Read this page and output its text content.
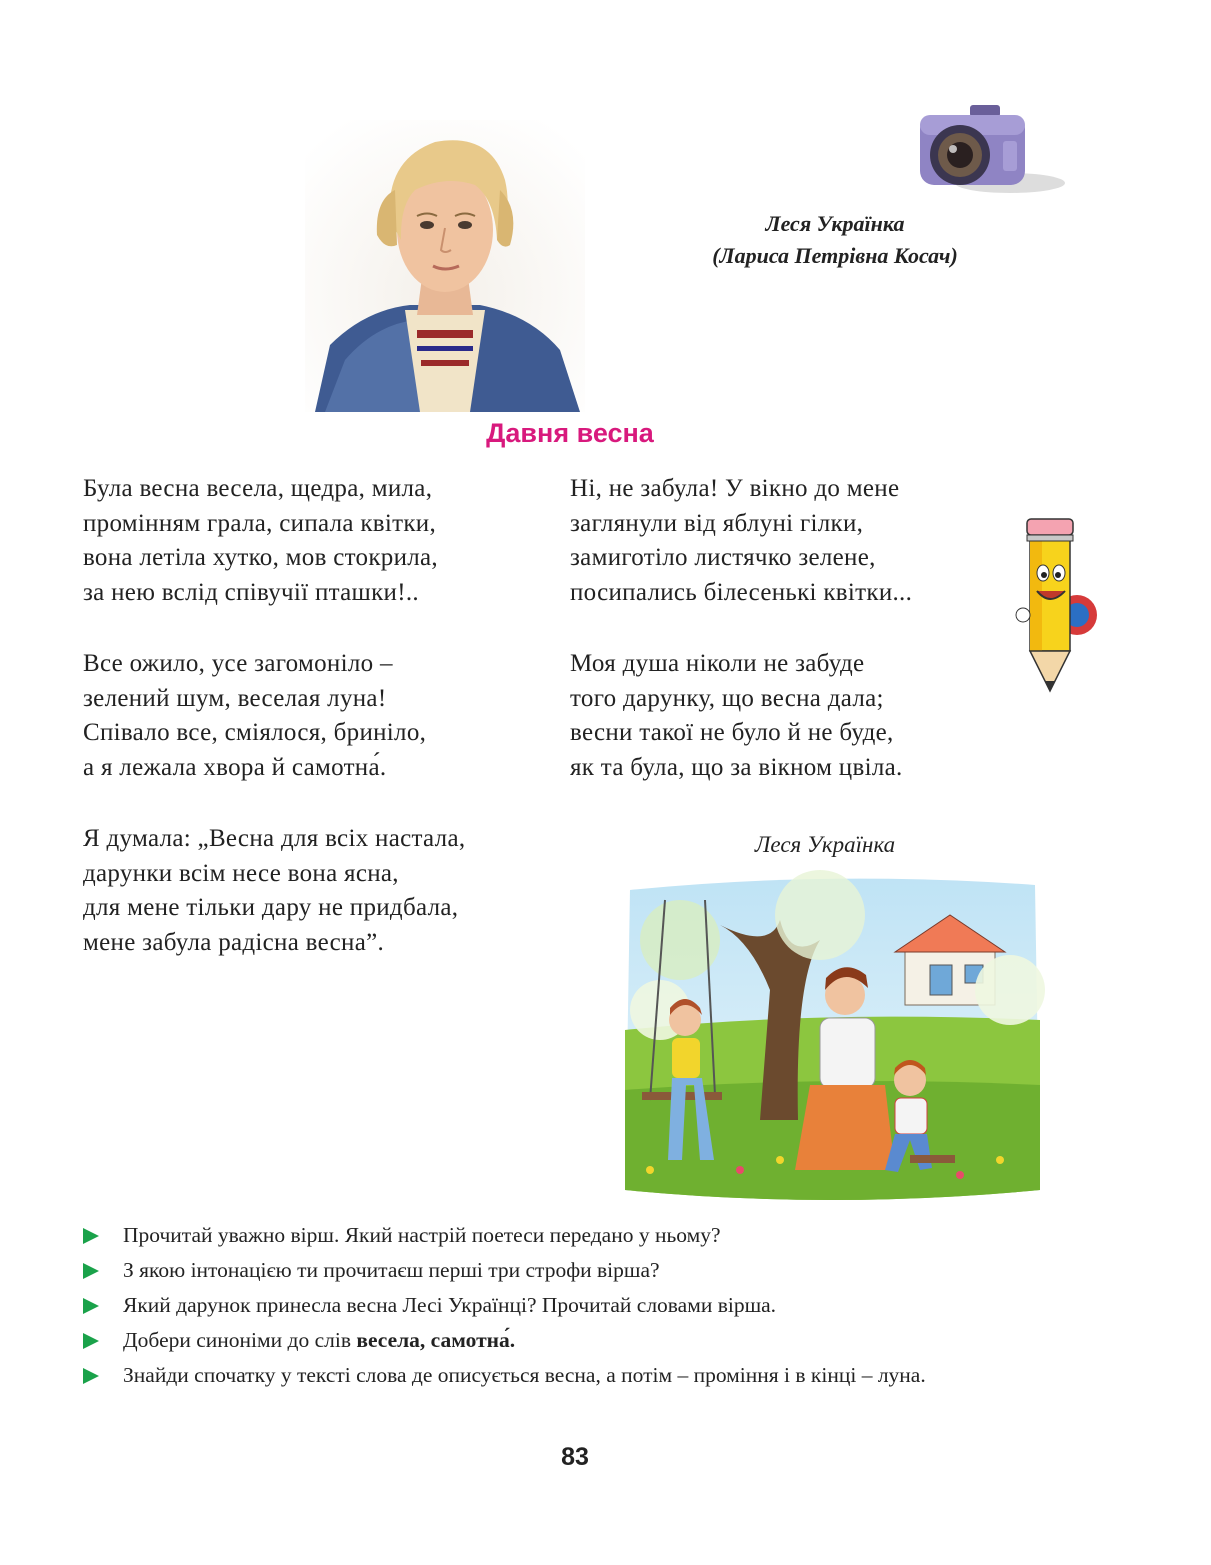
Леся Українка
(Лариса Петрівна Косач)
Давня весна
Була весна весела, щедра, мила,
промінням грала, сипала квітки,
вона летіла хутко, мов стокрила,
за нею вслід співучії пташки!..
Все ожило, усе загомоніло –
зелений шум, веселая луна!
Співало все, сміялося, бриніло,
а я лежала хвора й самотна́.
Я думала: „Весна для всіх настала,
дарунки всім несе вона ясна,
для мене тільки дару не придбала,
мене забула радісна весна”.
Ні, не забула! У вікно до мене
заглянули від яблуні гілки,
замиготіло листячко зелене,
посипались білесенькі квітки...
Моя душа ніколи не забуде
того дарунку, що весна дала;
весни такої не було й не буде,
як та була, що за вікном цвіла.
Леся Українка
Прочитай уважно вірш. Який настрій поетеси передано у ньому?
З якою інтонацією ти прочитаєш перші три строфи вірша?
Який дарунок принесла весна Лесі Українці? Прочитай словами вірша.
Добери синоніми до слів весела, самотна́.
Знайди спочатку у тексті слова де описується весна, а потім – проміння і в кінці – луна.
83
